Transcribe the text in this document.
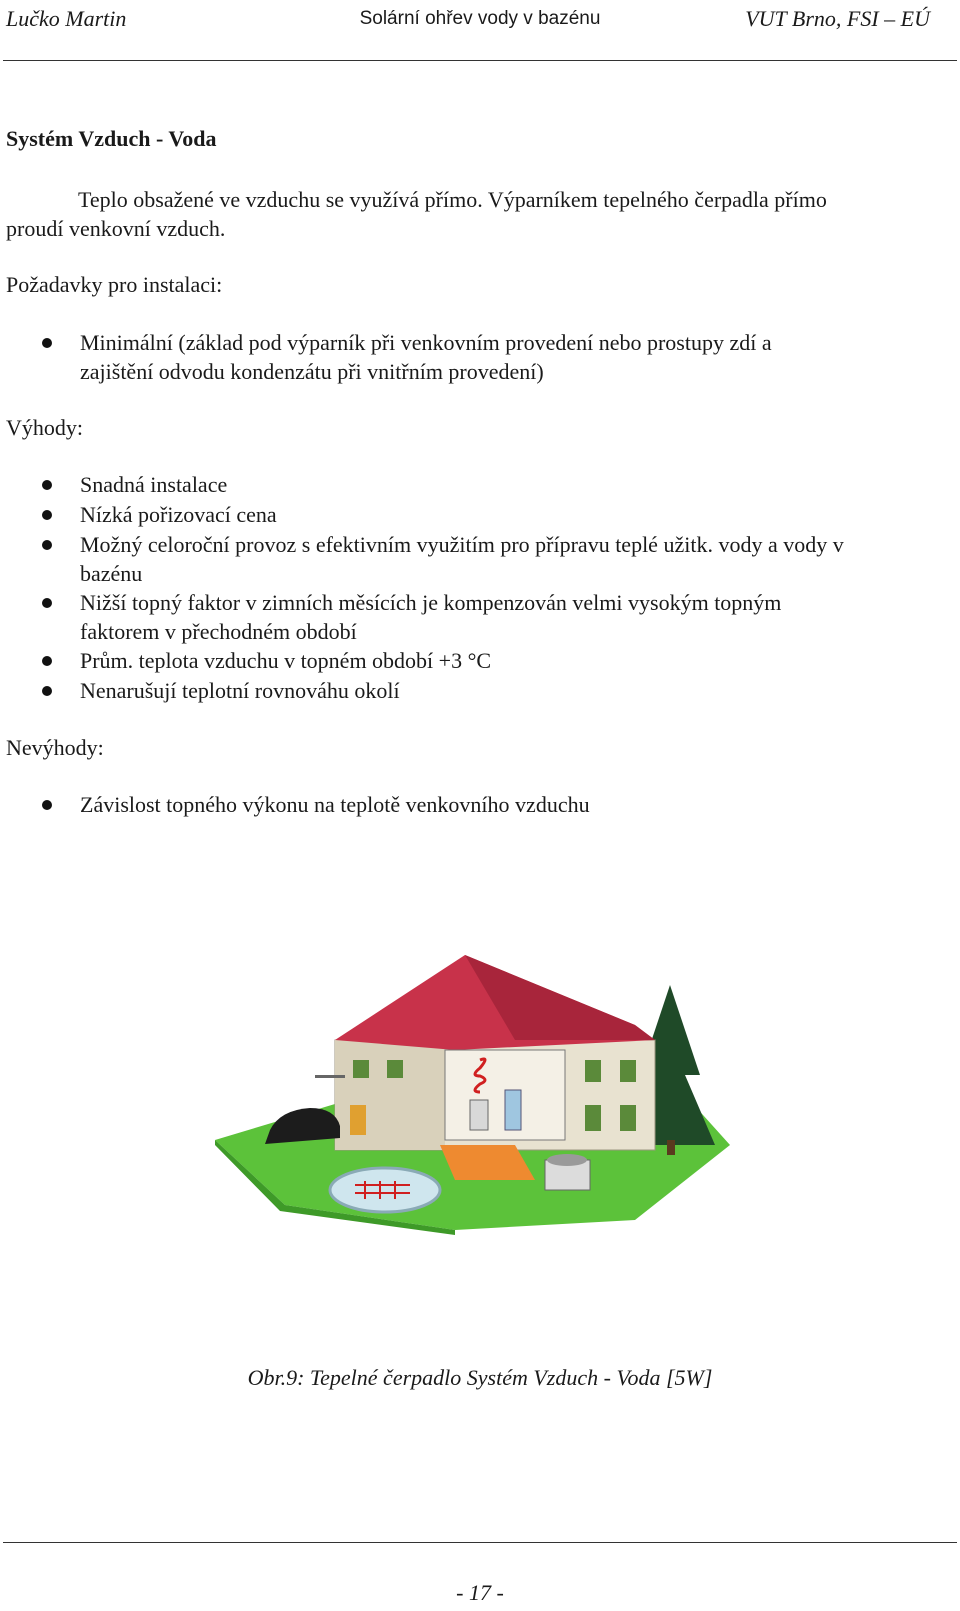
Lučko Martin	Solární ohřev vody v bazénu	VUT Brno, FSI – EÚ
Systém Vzduch - Voda
Teplo obsažené ve vzduchu se využívá přímo. Výparníkem tepelného čerpadla přímo
proudí venkovní vzduch.
Požadavky pro instalaci:
Minimální (základ pod výparník při venkovním provedení nebo prostupy zdí a
zajištění odvodu kondenzátu při vnitřním provedení)
Výhody:
Snadná instalace
Nízká pořizovací cena
Možný celoroční provoz s efektivním využitím pro přípravu teplé užitk. vody a vody v
bazénu
Nižší topný faktor v zimních měsících je kompenzován velmi vysokým topným
faktorem v přechodném období
Prům. teplota vzduchu v topném období +3 °C
Nenarušují teplotní rovnováhu okolí
Nevýhody:
Závislost topného výkonu na teplotě venkovního vzduchu
Obr.9: Tepelné čerpadlo Systém Vzduch - Voda [5W]
- 17 -
